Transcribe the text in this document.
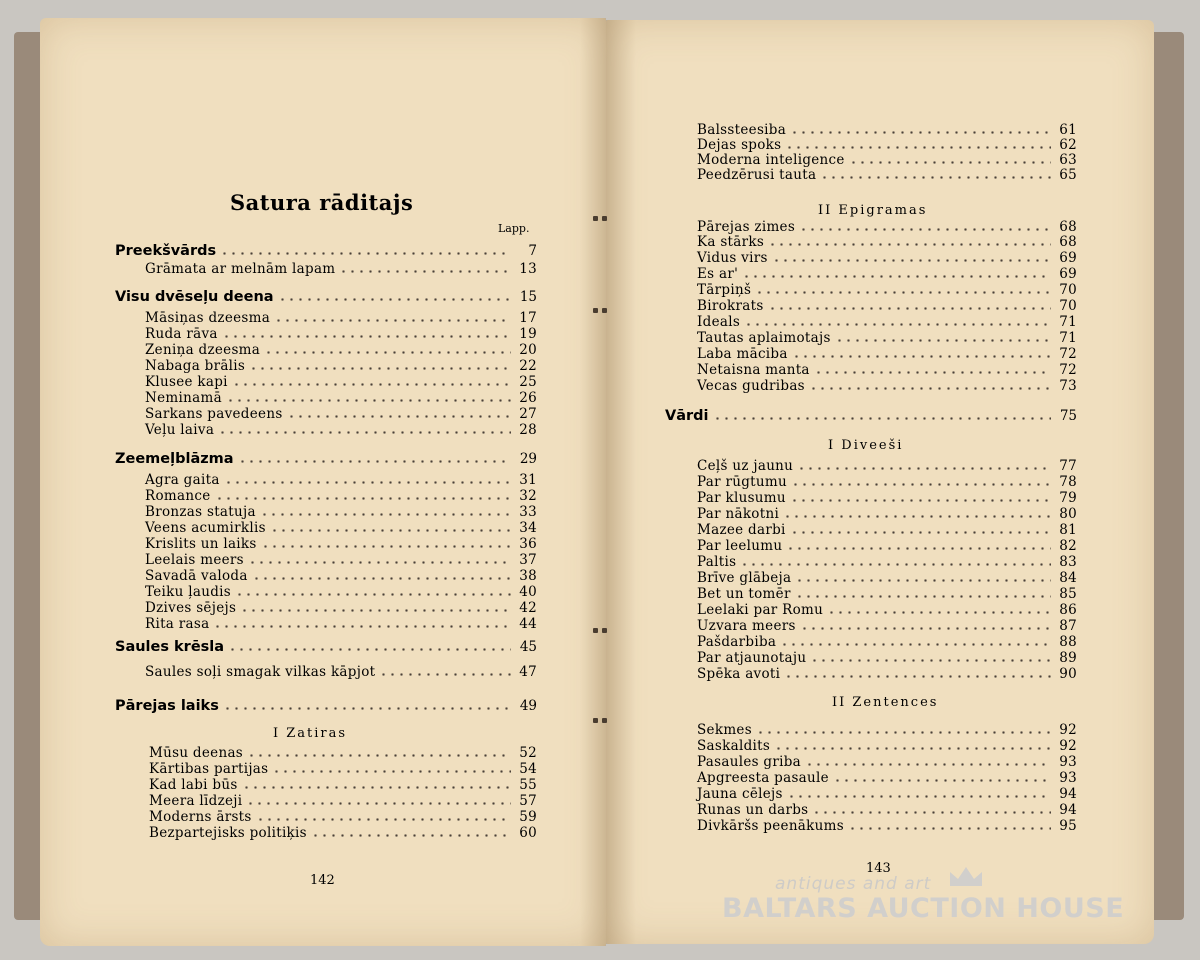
Satura rāditajs
Lapp.
Preekšvārds	7
Grāmata ar melnām lapam	13
Visu dvēseļu deena	15
Māsiņas dzeesma	17
Ruda rāva	19
Zeniņa dzeesma	20
Nabaga brālis	22
Klusee kapi	25
Neminamā	26
Sarkans pavedeens	27
Veļu laiva	28
Zeemeļblāzma	29
Agra gaita	31
Romance	32
Bronzas statuja	33
Veens acumirklis	34
Krislits un laiks	36
Leelais meers	37
Savadā valoda	38
Teiku ļaudis	40
Dzives sējejs	42
Rita rasa	44
Saules krēsla	45
Saules soļi smagak vilkas kāpjot	47
Pārejas laiks	49
I Zatiras
Mūsu deenas	52
Kārtibas partijas	54
Kad labi būs	55
Meera līdzeji	57
Moderns ārsts	59
Bezpartejisks politiķis	60
142
Balssteesiba	61
Dejas spoks	62
Moderna inteligence	63
Peedzērusi tauta	65
II Epigramas
Pārejas zimes	68
Ka stārks	68
Vidus virs	69
Es ar'	69
Tārpiņš	70
Birokrats	70
Ideals	71
Tautas aplaimotajs	71
Laba māciba	72
Netaisna manta	72
Vecas gudribas	73
Vārdi	75
I Diveeši
Ceļš uz jaunu	77
Par rūgtumu	78
Par klusumu	79
Par nākotni	80
Mazee darbi	81
Par leelumu	82
Paltis	83
Brīve glābeja	84
Bet un tomēr	85
Leelaki par Romu	86
Uzvara meers	87
Pašdarbiba	88
Par atjaunotaju	89
Spēka avoti	90
II Zentences
Sekmes	92
Saskaldits	92
Pasaules griba	93
Apgreesta pasaule	93
Jauna cēlejs	94
Runas un darbs	94
Divkāršs peenākums	95
143
antiques and art
BALTARS AUCTION HOUSE
